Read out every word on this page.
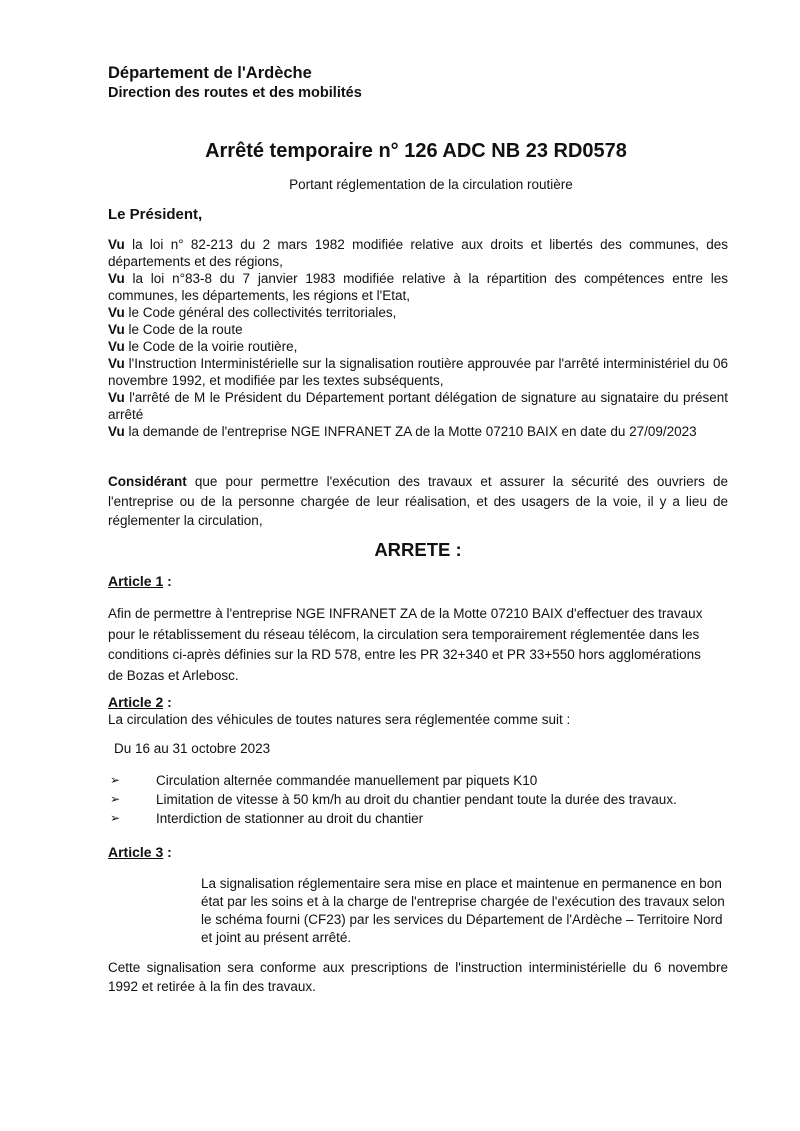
Département de l'Ardèche
Direction des routes et des mobilités
Arrêté temporaire n° 126 ADC NB 23 RD0578
Portant réglementation de la circulation routière
Le Président,
Vu la loi n° 82-213 du 2 mars 1982 modifiée relative aux droits et libertés des communes, des départements et des régions,
Vu la loi n°83-8 du 7 janvier 1983 modifiée relative à la répartition des compétences entre les communes, les départements, les régions et l'Etat,
Vu le Code général des collectivités territoriales,
Vu le Code de la route
Vu le Code de la voirie routière,
Vu l'Instruction Interministérielle sur la signalisation routière approuvée par l'arrêté interministériel du 06 novembre 1992, et modifiée par les textes subséquents,
Vu l'arrêté de M le Président du Département portant délégation de signature au signataire du présent arrêté
Vu la demande de l'entreprise NGE INFRANET ZA de la Motte 07210 BAIX en date du 27/09/2023
Considérant que pour permettre l'exécution des travaux et assurer la sécurité des ouvriers de l'entreprise ou de la personne chargée de leur réalisation, et des usagers de la voie, il y a lieu de réglementer la circulation,
ARRETE :
Article 1 :
Afin de permettre à l'entreprise NGE INFRANET ZA de la Motte 07210 BAIX d'effectuer des travaux pour le rétablissement du réseau télécom, la circulation sera temporairement réglementée dans les conditions ci-après définies sur la RD 578, entre les PR 32+340 et PR 33+550 hors agglomérations de Bozas et Arlebosc.
Article 2 :
La circulation des véhicules de toutes natures sera réglementée comme suit :
Du 16 au 31 octobre 2023
➢	Circulation alternée commandée manuellement par piquets K10
➢	Limitation de vitesse à 50 km/h au droit du chantier pendant toute la durée des travaux.
➢	Interdiction de stationner au droit du chantier
Article 3 :
La signalisation réglementaire sera mise en place et maintenue en permanence en bon état par les soins et à la charge de l'entreprise chargée de l'exécution des travaux selon le schéma fourni (CF23) par les services du Département de l'Ardèche – Territoire Nord et joint au présent arrêté.
Cette signalisation sera conforme aux prescriptions de l'instruction interministérielle du 6 novembre 1992 et retirée à la fin des travaux.
